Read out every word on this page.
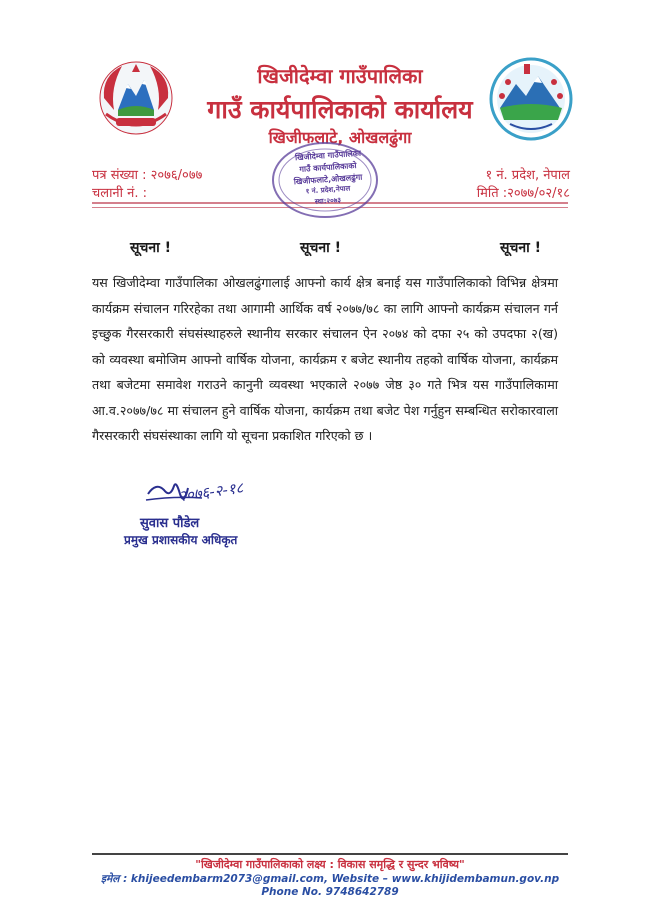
खिजीदेम्वा गाउँपालिका
गाउँ कार्यपालिकाको कार्यालय
खिजीफलाटे, ओखलढुंगा
पत्र संख्या : २०७६/०७७
चलानी नं. :
१ नं. प्रदेश, नेपाल
मिति :२०७७/०२/१८
खिजीदेम्वा गाउँपालिका
गाउँ कार्यपालिकाको
खिजीफलाटे,ओखलढुंगा
१ नं. प्रदेश,नेपाल
स्था:२०७३
सूचना !	सूचना !	सूचना !
यस खिजीदेम्वा गाउँपालिका ओखलढुंगालाई आफ्नो कार्य क्षेत्र बनाई यस गाउँपालिकाको विभिन्न क्षेत्रमा कार्यक्रम संचालन गरिरहेका तथा आगामी आर्थिक वर्ष २०७७/७८ का लागि आफ्नो कार्यक्रम संचालन गर्न इच्छुक गैरसरकारी संघसंस्थाहरुले स्थानीय सरकार संचालन ऐन २०७४ को दफा २५ को उपदफा २(ख) को व्यवस्था बमोजिम आफ्नो वार्षिक योजना, कार्यक्रम र बजेट स्थानीय तहको वार्षिक योजना, कार्यक्रम तथा बजेटमा समावेश गराउने कानुनी व्यवस्था भएकाले २०७७ जेष्ठ ३० गते भित्र यस गाउँपालिकामा आ.व.२०७७/७८ मा संचालन हुने वार्षिक योजना, कार्यक्रम तथा बजेट पेश गर्नुहुन सम्बन्धित सरोकारवाला गैरसरकारी संघसंस्थाका लागि यो सूचना प्रकाशित गरिएको छ ।
२०७६-२-१८
सुवास पौडेल
प्रमुख प्रशासकीय अधिकृत
"खिजीदेम्वा गाउँपालिकाको लक्ष्य : विकास समृद्धि र सुन्दर भविष्य"
इमेल : khijeedembarm2073@gmail.com, Website – www.khijidembamun.gov.np
Phone No. 9748642789
